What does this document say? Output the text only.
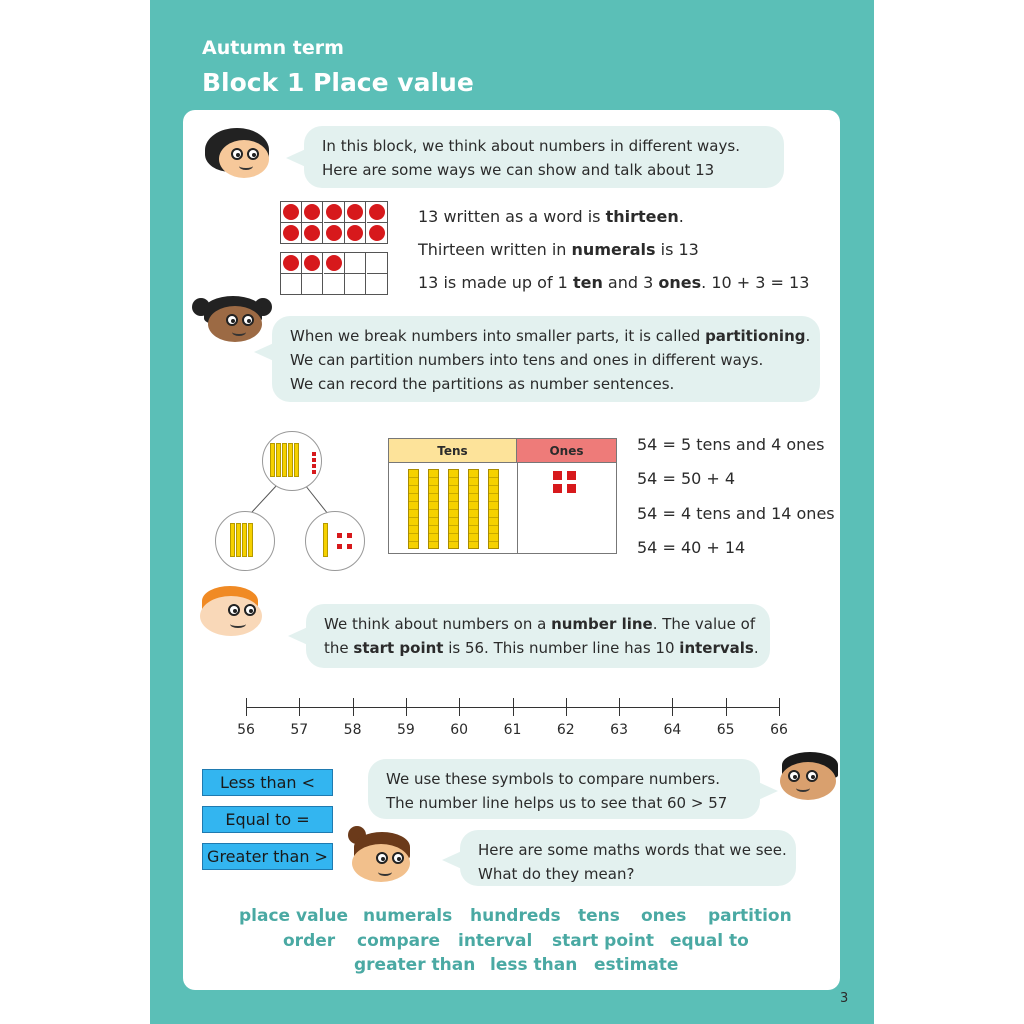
Autumn term
Block 1 Place value

In this block, we think about numbers in different ways.

Here are some ways we can show and talk about 13

13 written as a word is thirteen.
Thirteen written in numerals is 13
13 is made up of 1 ten and 3 ones. 10 + 3 = 13

When we break numbers into smaller parts, it is called partitioning.

We can partition numbers into tens and ones in different ways.

We can record the partitions as number sentences.

Tens	Ones	54 = 5 tens and 4 ones
54 = 50 + 4
54 = 4 tens and 14 ones
54 = 40 + 14

We think about numbers on a number line. The value of

the start point is 56. This number line has 10 intervals.

56	57	58	59	60	61	62	63	64	65	66
Less than <
Equal to =
Greater than >

We use these symbols to compare numbers.

The number line helps us to see that 60 > 57

Here are some maths words that we see.

What do they mean?

place value numerals hundreds tens ones partition
order compare interval start point equal to
greater than less than estimate
3
